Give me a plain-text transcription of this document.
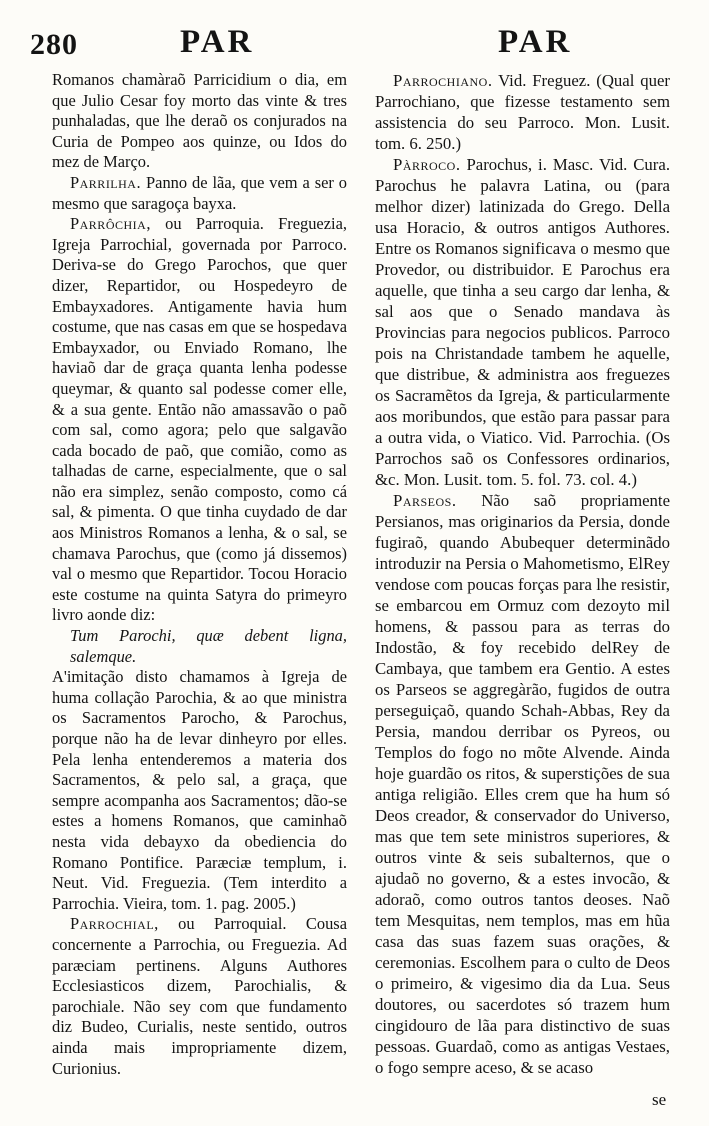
280	PAR	PAR

Romanos chamàraõ Parricidium o dia, em que Julio Cesar foy morto das vinte & tres punhaladas, que lhe deraõ os conjurados na Curia de Pompeo aos quinze, ou Idos do mez de Março.

Parrilha. Panno de lãa, que vem a ser o mesmo que saragoça bayxa.

Parrôchia, ou Parroquia. Freguezia, Igreja Parrochial, governada por Parroco. Deriva-se do Grego Parochos, que quer dizer, Repartidor, ou Hospedeyro de Embayxadores. Antigamente havia hum costume, que nas casas em que se hospedava Embayxador, ou Enviado Romano, lhe haviaõ dar de graça quanta lenha podesse queymar, & quanto sal podesse comer elle, & a sua gente. Então não amassavão o paõ com sal, como agora; pelo que salgavão cada bocado de paõ, que comião, como as talhadas de carne, especialmente, que o sal não era simplez, senão composto, como cá sal, & pimenta. O que tinha cuydado de dar aos Ministros Romanos a lenha, & o sal, se chamava Parochus, que (como já dissemos) val o mesmo que Repartidor. Tocou Horacio este costume na quinta Satyra do primeyro livro aonde diz:

Tum Parochi, quæ debent ligna, salemque.

A'imitação disto chamamos à Igreja de huma collação Parochia, & ao que ministra os Sacramentos Parocho, & Parochus, porque não ha de levar dinheyro por elles. Pela lenha entenderemos a materia dos Sacramentos, & pelo sal, a graça, que sempre acompanha aos Sacramentos; dão-se estes a homens Romanos, que caminhaõ nesta vida debayxo da obediencia do Romano Pontifice. Paræciæ templum, i. Neut. Vid. Freguezia. (Tem interdito a Parrochia. Vieira, tom. 1. pag. 2005.)

Parrochial, ou Parroquial. Cousa concernente a Parrochia, ou Freguezia. Ad paræciam pertinens. Alguns Authores Ecclesiasticos dizem, Parochialis, & parochiale. Não sey com que fundamento diz Budeo, Curialis, neste sentido, outros ainda mais impropriamente dizem, Curionius.

Parrochiano. Vid. Freguez. (Qual quer Parrochiano, que fizesse testamento sem assistencia do seu Parroco. Mon. Lusit. tom. 6. 250.)

Pàrroco. Parochus, i. Masc. Vid. Cura. Parochus he palavra Latina, ou (para melhor dizer) latinizada do Grego. Della usa Horacio, & outros antigos Authores. Entre os Romanos significava o mesmo que Provedor, ou distribuidor. E Parochus era aquelle, que tinha a seu cargo dar lenha, & sal aos que o Senado mandava às Provincias para negocios publicos. Parroco pois na Christandade tambem he aquelle, que distribue, & administra aos freguezes os Sacramẽtos da Igreja, & particularmente aos moribundos, que estão para passar para a outra vida, o Viatico. Vid. Parrochia. (Os Parrochos saõ os Confessores ordinarios, &c. Mon. Lusit. tom. 5. fol. 73. col. 4.)

Parseos. Não saõ propriamente Persianos, mas originarios da Persia, donde fugiraõ, quando Abubequer determinãdo introduzir na Persia o Mahometismo, ElRey vendose com poucas forças para lhe resistir, se embarcou em Ormuz com dezoyto mil homens, & passou para as terras do Indostão, & foy recebido delRey de Cambaya, que tambem era Gentio. A estes os Parseos se aggregàrão, fugidos de outra perseguiçaõ, quando Schah-Abbas, Rey da Persia, mandou derribar os Pyreos, ou Templos do fogo no mõte Alvende. Ainda hoje guardão os ritos, & superstições de sua antiga religião. Elles crem que ha hum só Deos creador, & conservador do Universo, mas que tem sete ministros superiores, & outros vinte & seis subalternos, que o ajudaõ no governo, & a estes invocão, & adoraõ, como outros tantos deoses. Naõ tem Mesquitas, nem templos, mas em hũa casa das suas fazem suas orações, & ceremonias. Escolhem para o culto de Deos o primeiro, & vigesimo dia da Lua. Seus doutores, ou sacerdotes só trazem hum cingidouro de lãa para distinctivo de suas pessoas. Guardaõ, como as antigas Vestaes, o fogo sempre aceso, & se acaso

se
